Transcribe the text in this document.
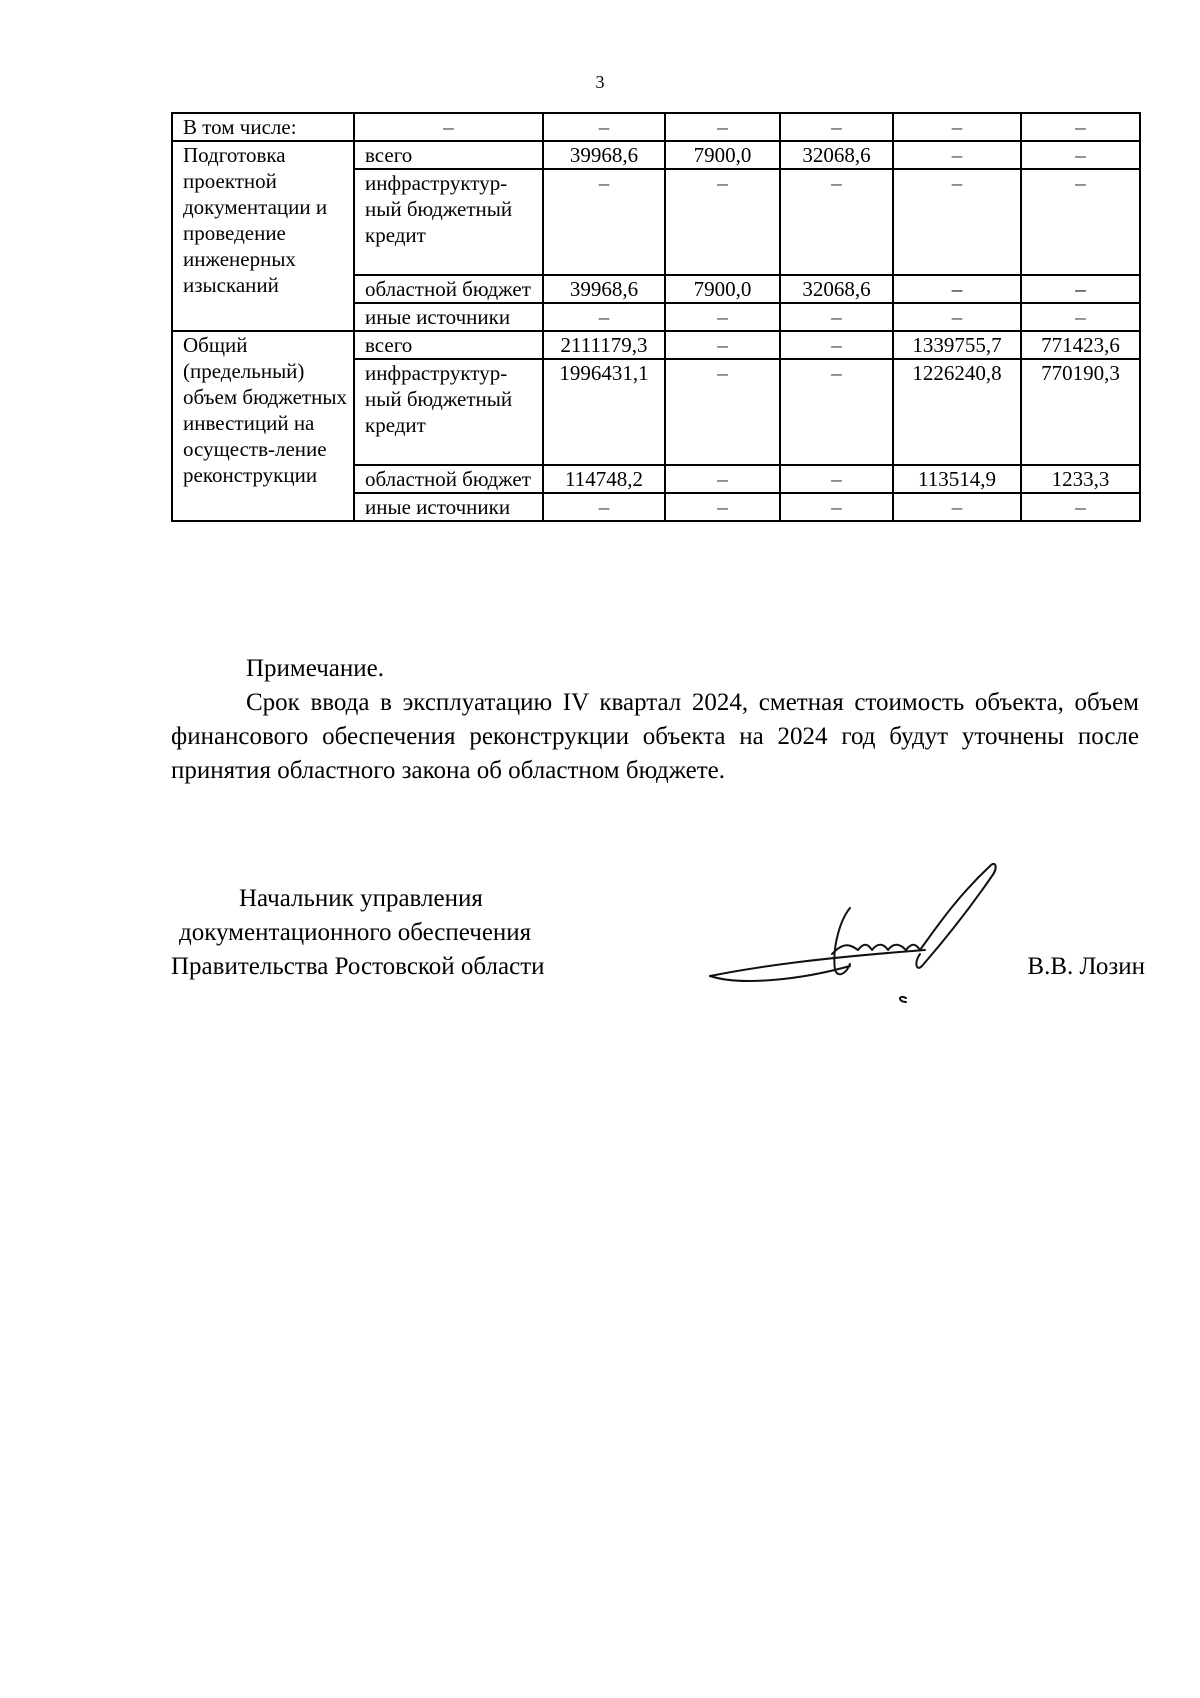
3
В том числе:	–	–	–	–	–	–
Подготовка проектной документации и проведение инженерных изысканий	всего	39968,6	7900,0	32068,6	–	–
	инфраструктур-ный бюджетный кредит	–	–	–	–	–
	областной бюджет	39968,6	7900,0	32068,6	–	–
	иные источники	–	–	–	–	–
Общий (предельный) объем бюджетных инвестиций на осуществ-ление реконструкции	всего	2111179,3	–	–	1339755,7	771423,6
	инфраструктур-ный бюджетный кредит	1996431,1	–	–	1226240,8	770190,3
	областной бюджет	114748,2	–	–	113514,9	1233,3
	иные источники	–	–	–	–	–
Примечание.
Срок ввода в эксплуатацию IV квартал 2024, сметная стоимость объекта, объем финансового обеспечения реконструкции объекта на 2024 год будут уточнены после принятия областного закона об областном бюджете.
Начальник управления
документационного обеспечения
Правительства Ростовской области	В.В. Лозин
